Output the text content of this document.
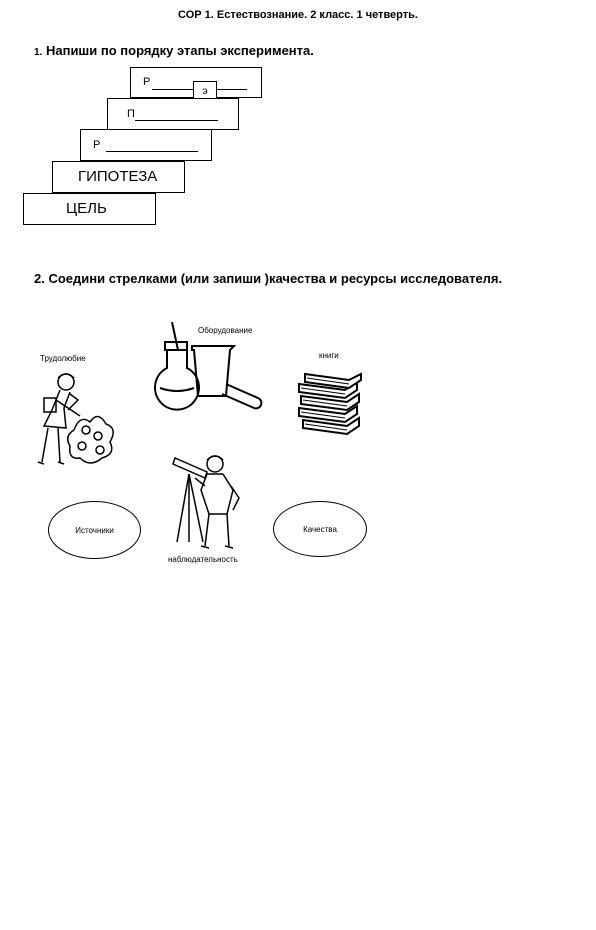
СОР 1. Естествознание. 2 класс. 1 четверть.
1. Напиши по порядку этапы эксперимента.
Р
э
П
Р
ГИПОТЕЗА
ЦЕЛЬ
2. Соедини стрелками (или запиши )качества и ресурсы исследователя.
Оборудование
Трудолюбие	книги
наблюдательность
Источники	Качества
